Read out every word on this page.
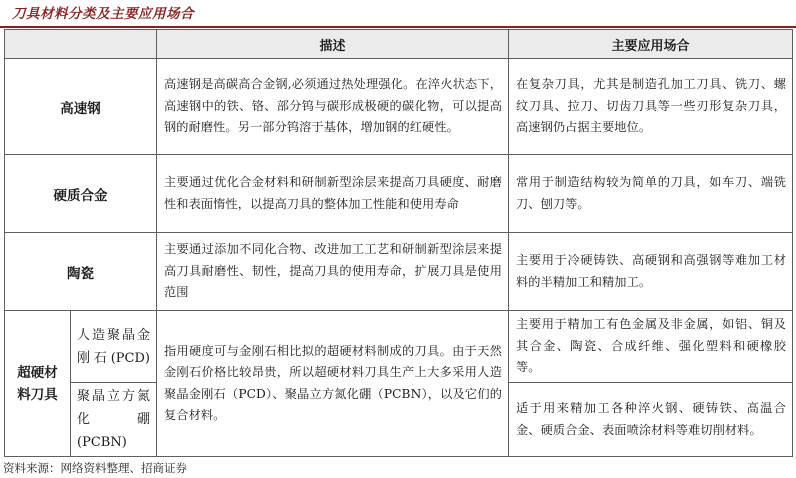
刀具材料分类及主要应用场合
		描述	主要应用场合
高速钢		高速钢是高碳高合金钢,必须通过热处理强化。在淬火状态下，高速钢中的铁、铬、部分钨与碳形成极硬的碳化物，可以提高钢的耐磨性。另一部分钨溶于基体，增加钢的红硬性。	在复杂刀具，尤其是制造孔加工刀具、铣刀、螺纹刀具、拉刀、切齿刀具等一些刃形复杂刀具，高速钢仍占据主要地位。
硬质合金		主要通过优化合金材料和研制新型涂层来提高刀具硬度、耐磨性和表面惰性，以提高刀具的整体加工性能和使用寿命	常用于制造结构较为简单的刀具，如车刀、端铣刀、刨刀等。
陶瓷		主要通过添加不同化合物、改进加工工艺和研制新型涂层来提高刀具耐磨性、韧性，提高刀具的使用寿命，扩展刀具是使用范围	主要用于冷硬铸铁、高硬钢和高强钢等难加工材料的半精加工和精加工。
超硬材料刀具	人造聚晶金刚石(PCD)	指用硬度可与金刚石相比拟的超硬材料制成的刀具。由于天然金刚石价格比较昂贵，所以超硬材料刀具生产上大多采用人造聚晶金刚石（PCD）、聚晶立方氮化硼（PCBN），以及它们的复合材料。	主要用于精加工有色金属及非金属，如铝、铜及其合金、陶瓷、合成纤维、强化塑料和硬橡胶等。
	聚晶立方氮化硼(PCBN)		适于用来精加工各种淬火钢、硬铸铁、高温合金、硬质合金、表面喷涂材料等难切削材料。
资料来源：网络资料整理、招商证券
